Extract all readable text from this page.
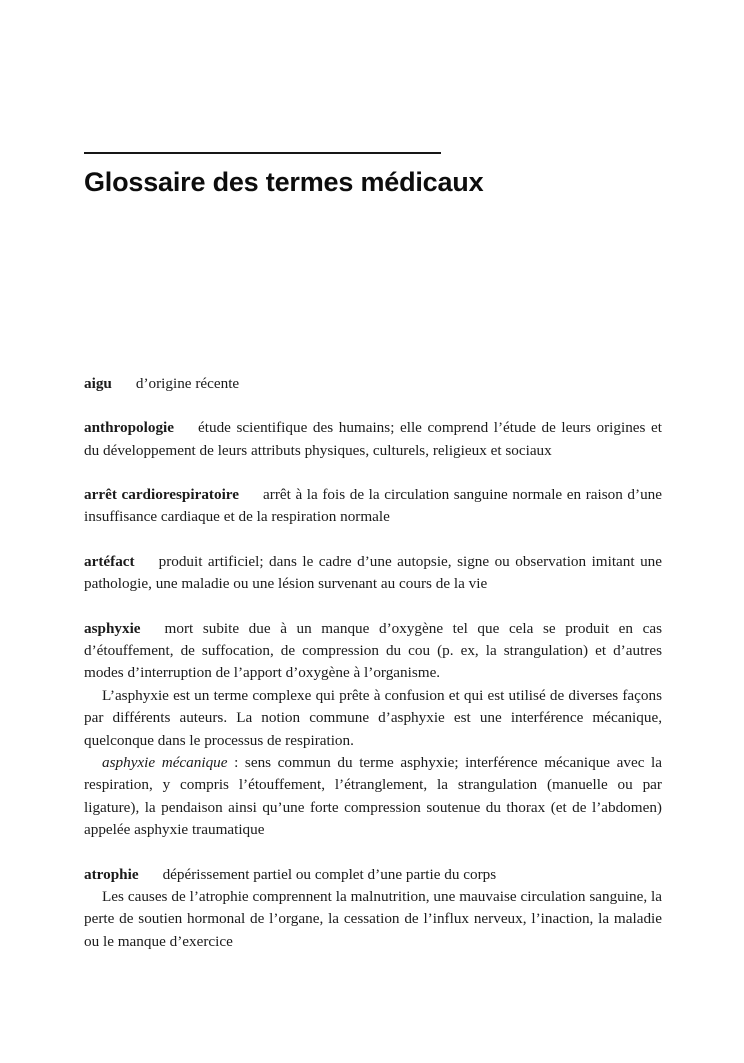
Glossaire des termes médicaux

aigu d’origine récente

anthropologie étude scientifique des humains; elle comprend l’étude de leurs origines et du développement de leurs attributs physiques, culturels, religieux et sociaux

arrêt cardiorespiratoire arrêt à la fois de la circulation sanguine normale en raison d’une insuffisance cardiaque et de la respiration normale

artéfact produit artificiel; dans le cadre d’une autopsie, signe ou observation imitant une pathologie, une maladie ou une lésion survenant au cours de la vie

asphyxie mort subite due à un manque d’oxygène tel que cela se produit en cas d’étouffement, de suffocation, de compression du cou (p. ex, la strangulation) et d’autres modes d’interruption de l’apport d’oxygène à l’organisme.

L’asphyxie est un terme complexe qui prête à confusion et qui est utilisé de diverses façons par différents auteurs. La notion commune d’asphyxie est une interférence mécanique, quelconque dans le processus de respiration.

asphyxie mécanique : sens commun du terme asphyxie; interférence mécanique avec la respiration, y compris l’étouffement, l’étranglement, la strangulation (manuelle ou par ligature), la pendaison ainsi qu’une forte compression soutenue du thorax (et de l’abdomen) appelée asphyxie traumatique

atrophie dépérissement partiel ou complet d’une partie du corps

Les causes de l’atrophie comprennent la malnutrition, une mauvaise circulation sanguine, la perte de soutien hormonal de l’organe, la cessation de l’influx nerveux, l’inaction, la maladie ou le manque d’exercice
